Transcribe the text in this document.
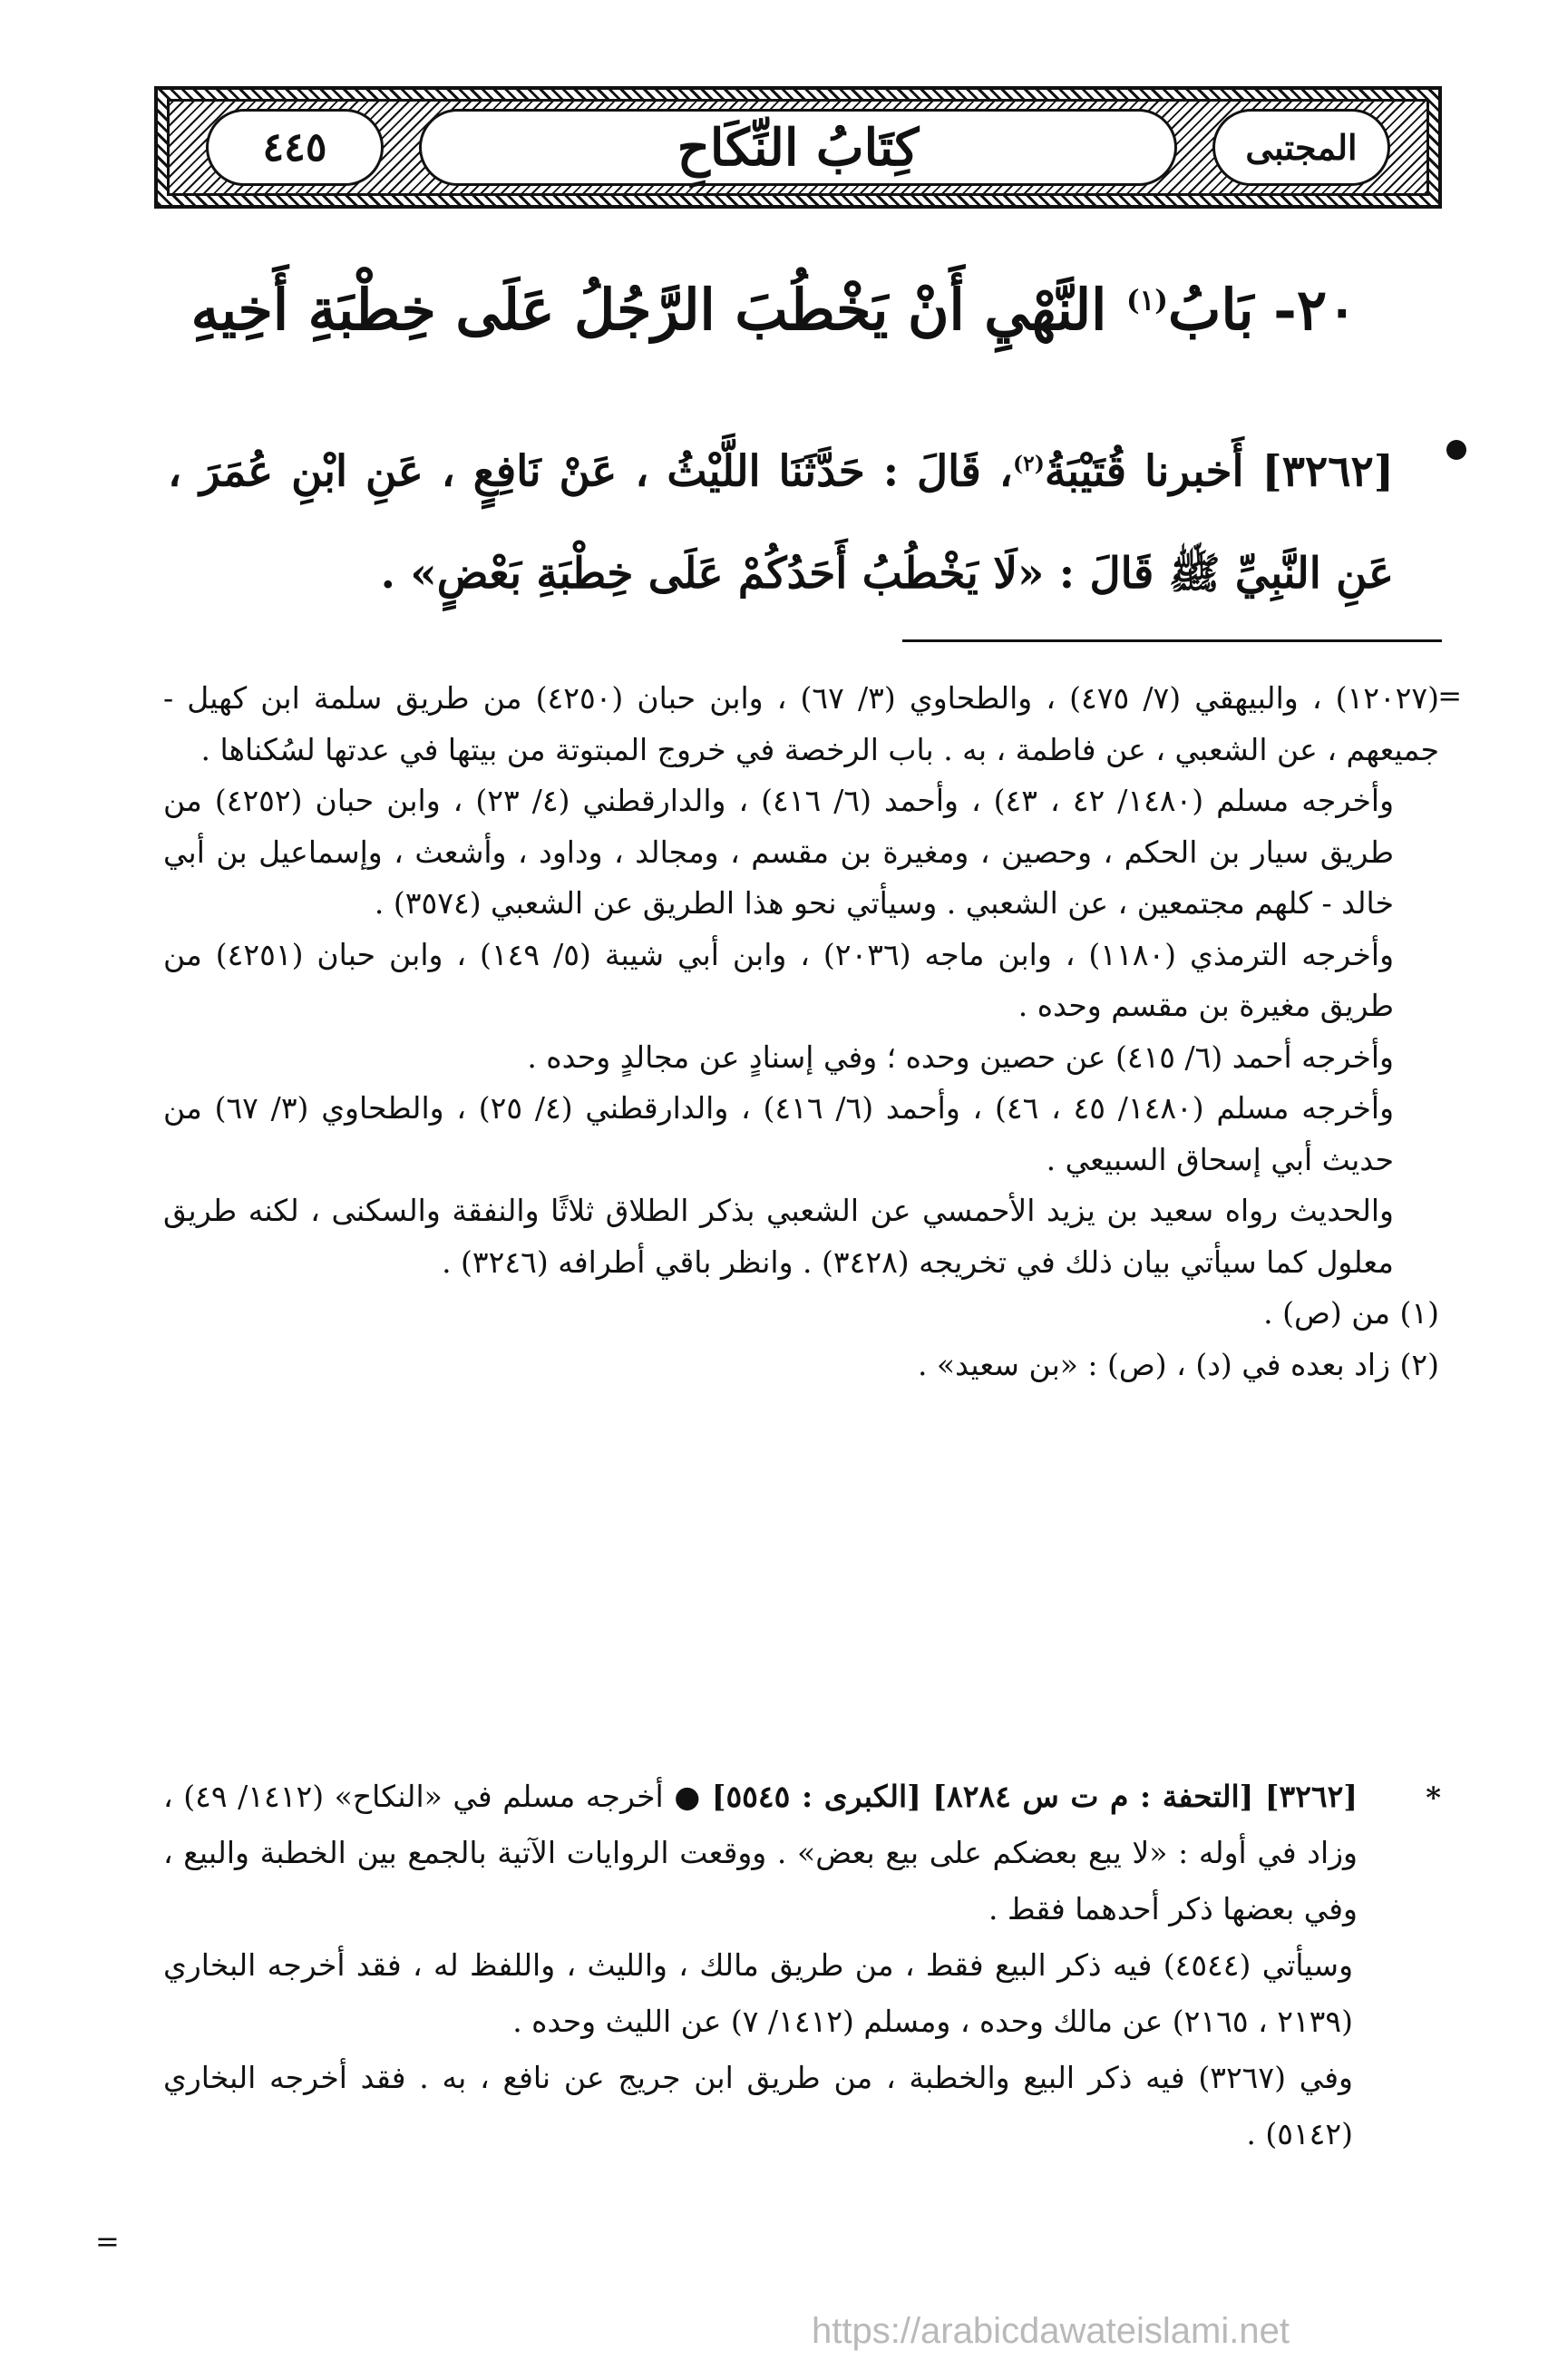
٤٤٥	كِتَابُ النِّكَاحِ	المجتبى
٢٠- بَابُ$^{(١)}$ النَّهْيِ أَنْ يَخْطُبَ الرَّجُلُ عَلَى خِطْبَةِ أَخِيهِ
[٣٢٦٢] أَخبرنا قُتَيْبَةُ$^{(٢)}$، قَالَ : حَدَّثَنَا اللَّيْثُ ، عَنْ نَافِعٍ ، عَنِ ابْنِ عُمَرَ ، عَنِ النَّبِيِّ ﷺ قَالَ : «لَا يَخْطُبُ أَحَدُكُمْ عَلَى خِطْبَةِ بَعْضٍ» .
=

(١٢٠٢٧) ، والبيهقي (٧/ ٤٧٥) ، والطحاوي (٣/ ٦٧) ، وابن حبان (٤٢٥٠) من طريق سلمة ابن كهيل - جميعهم ، عن الشعبي ، عن فاطمة ، به . باب الرخصة في خروج المبتوتة من بيتها في عدتها لسُكناها .

وأخرجه مسلم (١٤٨٠/ ٤٢ ، ٤٣) ، وأحمد (٦/ ٤١٦) ، والدارقطني (٤/ ٢٣) ، وابن حبان (٤٢٥٢) من طريق سيار بن الحكم ، وحصين ، ومغيرة بن مقسم ، ومجالد ، وداود ، وأشعث ، وإسماعيل بن أبي خالد - كلهم مجتمعين ، عن الشعبي . وسيأتي نحو هذا الطريق عن الشعبي (٣٥٧٤) .

وأخرجه الترمذي (١١٨٠) ، وابن ماجه (٢٠٣٦) ، وابن أبي شيبة (٥/ ١٤٩) ، وابن حبان (٤٢٥١) من طريق مغيرة بن مقسم وحده .

وأخرجه أحمد (٦/ ٤١٥) عن حصين وحده ؛ وفي إسنادٍ عن مجالدٍ وحده .

وأخرجه مسلم (١٤٨٠/ ٤٥ ، ٤٦) ، وأحمد (٦/ ٤١٦) ، والدارقطني (٤/ ٢٥) ، والطحاوي (٣/ ٦٧) من حديث أبي إسحاق السبيعي .

والحديث رواه سعيد بن يزيد الأحمسي عن الشعبي بذكر الطلاق ثلاثًا والنفقة والسكنى ، لكنه طريق معلول كما سيأتي بيان ذلك في تخريجه (٣٤٢٨) . وانظر باقي أطرافه (٣٢٤٦) .

(١) من (ص) .

(٢) زاد بعده في (د) ، (ص) : «بن سعيد» .

*

[٣٢٦٢] [التحفة : م ت س ٨٢٨٤] [الكبرى : ٥٥٤٥] ● أخرجه مسلم في «النكاح» (١٤١٢/ ٤٩) ، وزاد في أوله : «لا يبع بعضكم على بيع بعض» . ووقعت الروايات الآتية بالجمع بين الخطبة والبيع ، وفي بعضها ذكر أحدهما فقط .

وسيأتي (٤٥٤٤) فيه ذكر البيع فقط ، من طريق مالك ، والليث ، واللفظ له ، فقد أخرجه البخاري (٢١٣٩ ، ٢١٦٥) عن مالك وحده ، ومسلم (١٤١٢/ ٧) عن الليث وحده .

وفي (٣٢٦٧) فيه ذكر البيع والخطبة ، من طريق ابن جريج عن نافع ، به . فقد أخرجه البخاري (٥١٤٢) .

=
https://arabicdawateislami.net
